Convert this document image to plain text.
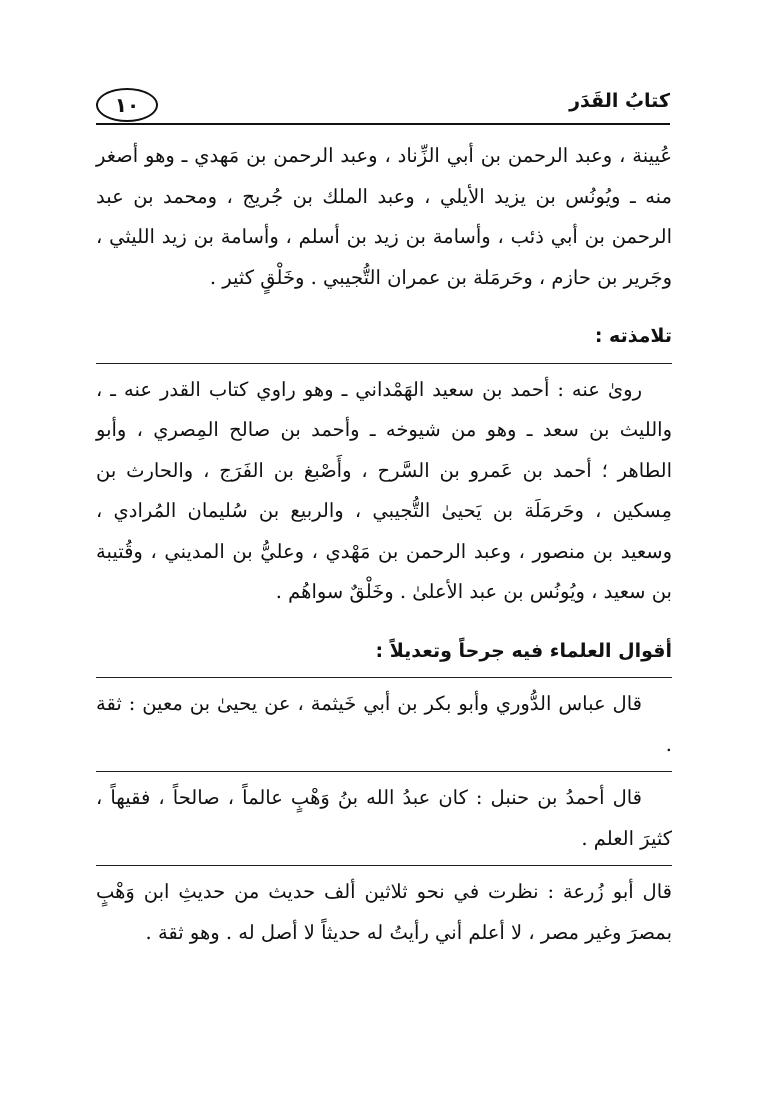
١٠	كتابُ القَدَر

عُيينة ، وعبد الرحمن بن أبي الزِّناد ، وعبد الرحمن بن مَهدي ـ وهو أصغر منه ـ ويُونُس بن يزيد الأيلي ، وعبد الملك بن جُريج ، ومحمد بن عبد الرحمن بن أبي ذئب ، وأسامة بن زيد بن أسلم ، وأسامة بن زيد الليثي ، وجَرير بن حازم ، وحَرمَلة بن عمران التُّجيبي . وخَلْقٍ كثير .

تلامذته :

روىٰ عنه : أحمد بن سعيد الهَمْداني ـ وهو راوي كتاب القدر عنه ـ ، والليث بن سعد ـ وهو من شيوخه ـ وأحمد بن صالح المِصري ، وأبو الطاهر ؛ أحمد بن عَمرو بن السَّرح ، وأَصْبغ بن الفَرَج ، والحارث بن مِسكين ، وحَرمَلَة بن يَحيىٰ التُّجيبي ، والربيع بن سُليمان المُرادي ، وسعيد بن منصور ، وعبد الرحمن بن مَهْدي ، وعليُّ بن المديني ، وقُتيبة بن سعيد ، ويُونُس بن عبد الأعلىٰ . وخَلْقٌ سواهُم .

أقوال العلماء فيه جرحاً وتعديلاً :

قال عباس الدُّوري وأبو بكر بن أبي خَيثمة ، عن يحيىٰ بن معين : ثقة .

قال أحمدُ بن حنبل : كان عبدُ الله بنُ وَهْبٍ عالماً ، صالحاً ، فقيهاً ، كثيرَ العلم .

قال أبو زُرعة : نظرت في نحو ثلاثين ألف حديث من حديثِ ابن وَهْبٍ بمصرَ وغير مصر ، لا أعلم أني رأيتُ له حديثاً لا أصل له . وهو ثقة .
